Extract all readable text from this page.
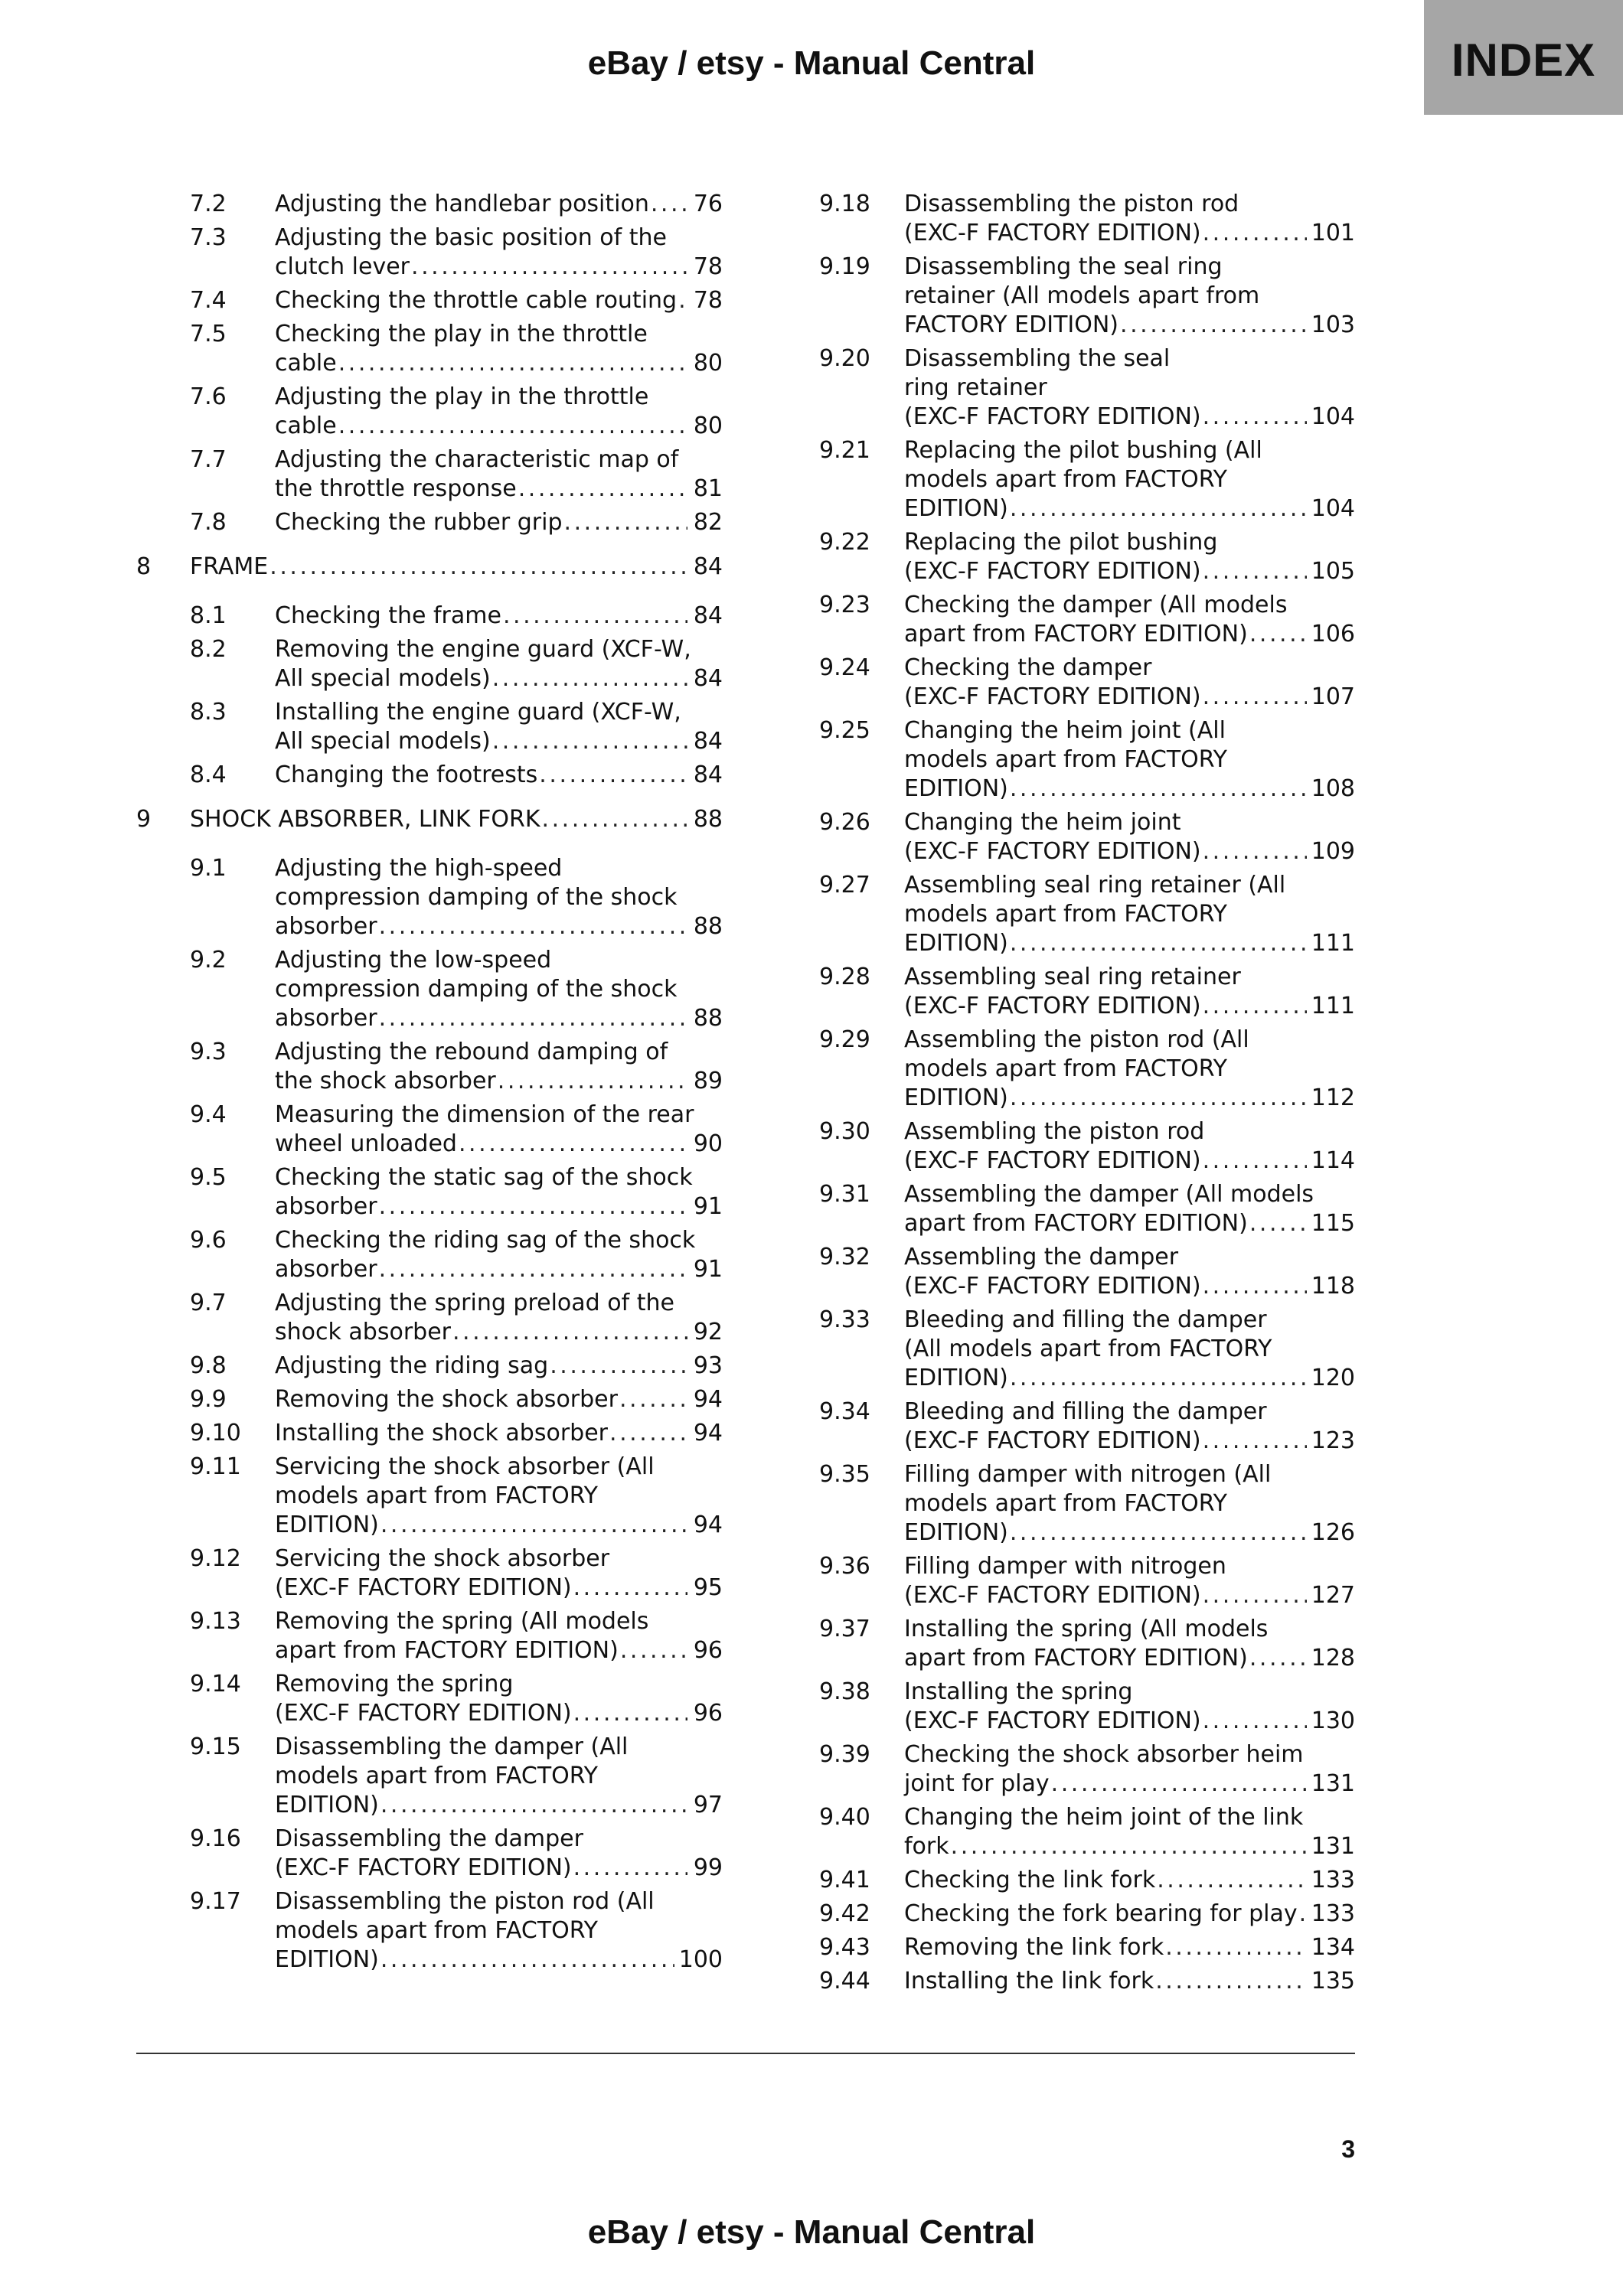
eBay / etsy - Manual Central	INDEX
7.2	Adjusting the handlebar position . . . 76
7.3	Adjusting the basic position of the
clutch lever . . .	78
7.4	Checking the throttle cable routing . . . 78
7.5	Checking the play in the throttle
cable . . .	80
7.6	Adjusting the play in the throttle
cable . . .	80
7.7	Adjusting the characteristic map of
the throttle response . . .	81
7.8	Checking the rubber grip . . .	82
8	FRAME . . .	84
8.1	Checking the frame . . .	84
8.2	Removing the engine guard (XCF-W,
All special models) . . .	84
8.3	Installing the engine guard (XCF-W,
All special models) . . .	84
8.4	Changing the footrests . . .	84
9	SHOCK ABSORBER, LINK FORK . . .	88
9.1	Adjusting the high-speed
compression damping of the shock
absorber . . .	88
9.2	Adjusting the low-speed
compression damping of the shock
absorber . . .	88
9.3	Adjusting the rebound damping of
the shock absorber . . .	89
9.4	Measuring the dimension of the rear
wheel unloaded . . .	90
9.5	Checking the static sag of the shock
absorber . . .	91
9.6	Checking the riding sag of the shock
absorber . . .	91
9.7	Adjusting the spring preload of the
shock absorber . . .	92
9.8	Adjusting the riding sag . . .	93
9.9	Removing the shock absorber . . .	94
9.10	Installing the shock absorber . . .	94
9.11	Servicing the shock absorber (All
models apart from FACTORY
EDITION) . . .	94
9.12	Servicing the shock absorber
(EXC-F FACTORY EDITION) . . .	95
9.13	Removing the spring (All models
apart from FACTORY EDITION) . . .	96
9.14	Removing the spring
(EXC-F FACTORY EDITION) . . .	96
9.15	Disassembling the damper (All
models apart from FACTORY
EDITION) . . .	97
9.16	Disassembling the damper
(EXC-F FACTORY EDITION) . . .	99
9.17	Disassembling the piston rod (All
models apart from FACTORY
EDITION) . . .	100
9.18	Disassembling the piston rod
(EXC-F FACTORY EDITION) . . .	101
9.19	Disassembling the seal ring
retainer (All models apart from
FACTORY EDITION) . . .	103
9.20	Disassembling the seal
ring retainer
(EXC-F FACTORY EDITION) . . .	104
9.21	Replacing the pilot bushing (All
models apart from FACTORY
EDITION) . . .	104
9.22	Replacing the pilot bushing
(EXC-F FACTORY EDITION) . . .	105
9.23	Checking the damper (All models
apart from FACTORY EDITION) . . .	106
9.24	Checking the damper
(EXC-F FACTORY EDITION) . . .	107
9.25	Changing the heim joint (All
models apart from FACTORY
EDITION) . . .	108
9.26	Changing the heim joint
(EXC-F FACTORY EDITION) . . .	109
9.27	Assembling seal ring retainer (All
models apart from FACTORY
EDITION) . . .	111
9.28	Assembling seal ring retainer
(EXC-F FACTORY EDITION) . . .	111
9.29	Assembling the piston rod (All
models apart from FACTORY
EDITION) . . .	112
9.30	Assembling the piston rod
(EXC-F FACTORY EDITION) . . .	114
9.31	Assembling the damper (All models
apart from FACTORY EDITION) . . .	115
9.32	Assembling the damper
(EXC-F FACTORY EDITION) . . .	118
9.33	Bleeding and filling the damper
(All models apart from FACTORY
EDITION) . . .	120
9.34	Bleeding and filling the damper
(EXC-F FACTORY EDITION) . . .	123
9.35	Filling damper with nitrogen (All
models apart from FACTORY
EDITION) . . .	126
9.36	Filling damper with nitrogen
(EXC-F FACTORY EDITION) . . .	127
9.37	Installing the spring (All models
apart from FACTORY EDITION) . . .	128
9.38	Installing the spring
(EXC-F FACTORY EDITION) . . .	130
9.39	Checking the shock absorber heim
joint for play . . .	131
9.40	Changing the heim joint of the link
fork . . .	131
9.41	Checking the link fork . . .	133
9.42	Checking the fork bearing for play . . . 133
9.43	Removing the link fork . . .	134
9.44	Installing the link fork . . .	135
3
eBay / etsy - Manual Central
